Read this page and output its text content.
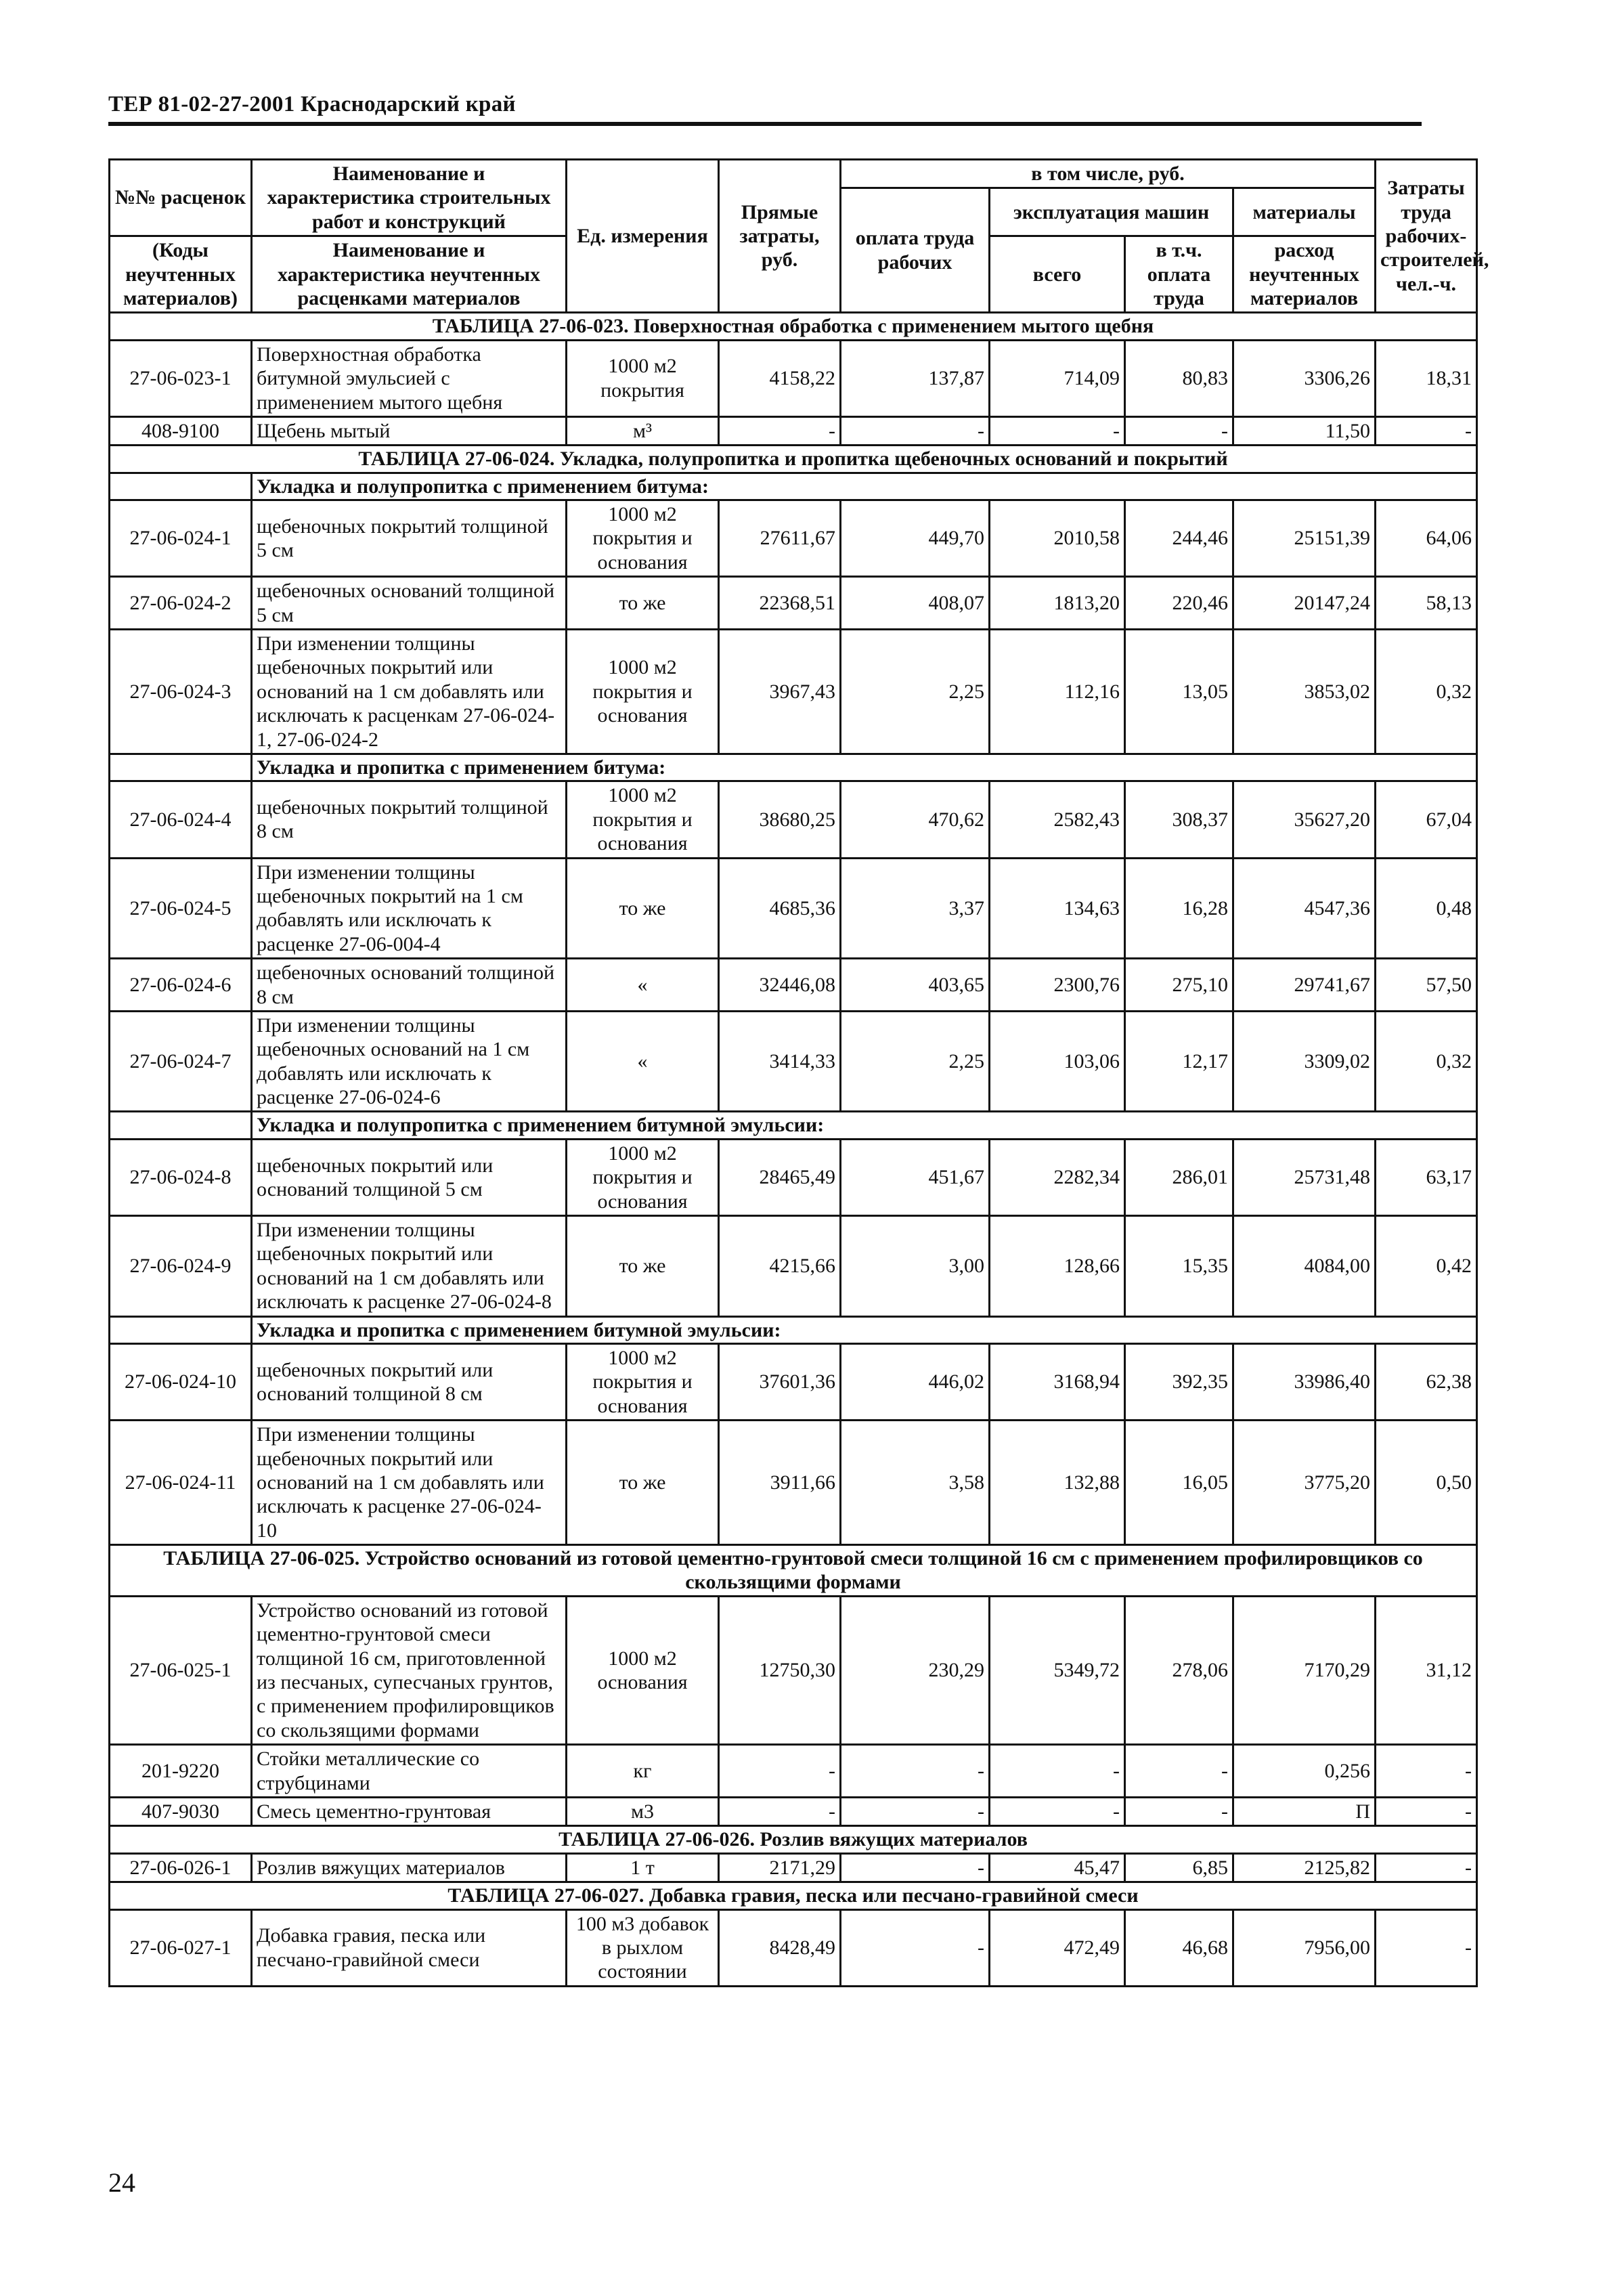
ТЕР 81-02-27-2001 Краснодарский край
№№ расценок	Наименование и характеристика строительных работ и конструкций	Ед. измерения	Прямые затраты, руб.	в том числе, руб.				Затраты труда рабочих-строителей, чел.-ч.
				оплата труда рабочих	эксплуатация машин		материалы	
(Коды неучтенных материалов)	Наименование и характеристика неучтенных расценками материалов				всего	в т.ч. оплата труда		
							расход неучтенных материалов	
ТАБЛИЦА 27-06-023. Поверхностная обработка с применением мытого щебня								
27-06-023-1	Поверхностная обработка битумной эмульсией с применением мытого щебня	1000 м2 покрытия	4158,22	137,87	714,09	80,83	3306,26	18,31
408-9100	Щебень мытый	м³	-	-	-	-	11,50	-
ТАБЛИЦА 27-06-024. Укладка, полупропитка и пропитка щебеночных оснований и покрытий								
	Укладка и полупропитка с применением битума:							
27-06-024-1	щебеночных покрытий толщиной 5 см	1000 м2 покрытия и основания	27611,67	449,70	2010,58	244,46	25151,39	64,06
27-06-024-2	щебеночных оснований толщиной 5 см	то же	22368,51	408,07	1813,20	220,46	20147,24	58,13
27-06-024-3	При изменении толщины щебеночных покрытий или оснований на 1 см добавлять или исключать к расценкам 27-06-024-1, 27-06-024-2	1000 м2 покрытия и основания	3967,43	2,25	112,16	13,05	3853,02	0,32
	Укладка и пропитка с применением битума:							
27-06-024-4	щебеночных покрытий толщиной 8 см	1000 м2 покрытия и основания	38680,25	470,62	2582,43	308,37	35627,20	67,04
27-06-024-5	При изменении толщины щебеночных покрытий на 1 см добавлять или исключать к расценке 27-06-004-4	то же	4685,36	3,37	134,63	16,28	4547,36	0,48
27-06-024-6	щебеночных оснований толщиной 8 см	«	32446,08	403,65	2300,76	275,10	29741,67	57,50
27-06-024-7	При изменении толщины щебеночных оснований на 1 см добавлять или исключать к расценке 27-06-024-6	«	3414,33	2,25	103,06	12,17	3309,02	0,32
	Укладка и полупропитка с применением битумной эмульсии:							
27-06-024-8	щебеночных покрытий или оснований толщиной 5 см	1000 м2 покрытия и основания	28465,49	451,67	2282,34	286,01	25731,48	63,17
27-06-024-9	При изменении толщины щебеночных покрытий или оснований на 1 см добавлять или исключать к расценке 27-06-024-8	то же	4215,66	3,00	128,66	15,35	4084,00	0,42
	Укладка и пропитка с применением битумной эмульсии:							
27-06-024-10	щебеночных покрытий или оснований толщиной 8 см	1000 м2 покрытия и основания	37601,36	446,02	3168,94	392,35	33986,40	62,38
27-06-024-11	При изменении толщины щебеночных покрытий или оснований на 1 см добавлять или исключать к расценке 27-06-024-10	то же	3911,66	3,58	132,88	16,05	3775,20	0,50
ТАБЛИЦА 27-06-025. Устройство оснований из готовой цементно-грунтовой смеси толщиной 16 см с применением профилировщиков со скользящими формами								
27-06-025-1	Устройство оснований из готовой цементно-грунтовой смеси толщиной 16 см, приготовленной из песчаных, супесчаных грунтов, с применением профилировщиков со скользящими формами	1000 м2 основания	12750,30	230,29	5349,72	278,06	7170,29	31,12
201-9220	Стойки металлические со струбцинами	кг	-	-	-	-	0,256	-
407-9030	Смесь цементно-грунтовая	м3	-	-	-	-	П	-
ТАБЛИЦА 27-06-026. Розлив вяжущих материалов								
27-06-026-1	Розлив вяжущих материалов	1 т	2171,29	-	45,47	6,85	2125,82	-
ТАБЛИЦА 27-06-027. Добавка гравия, песка или песчано-гравийной смеси								
27-06-027-1	Добавка гравия, песка или песчано-гравийной смеси	100 м3 добавок в рыхлом состоянии	8428,49	-	472,49	46,68	7956,00	-
24
